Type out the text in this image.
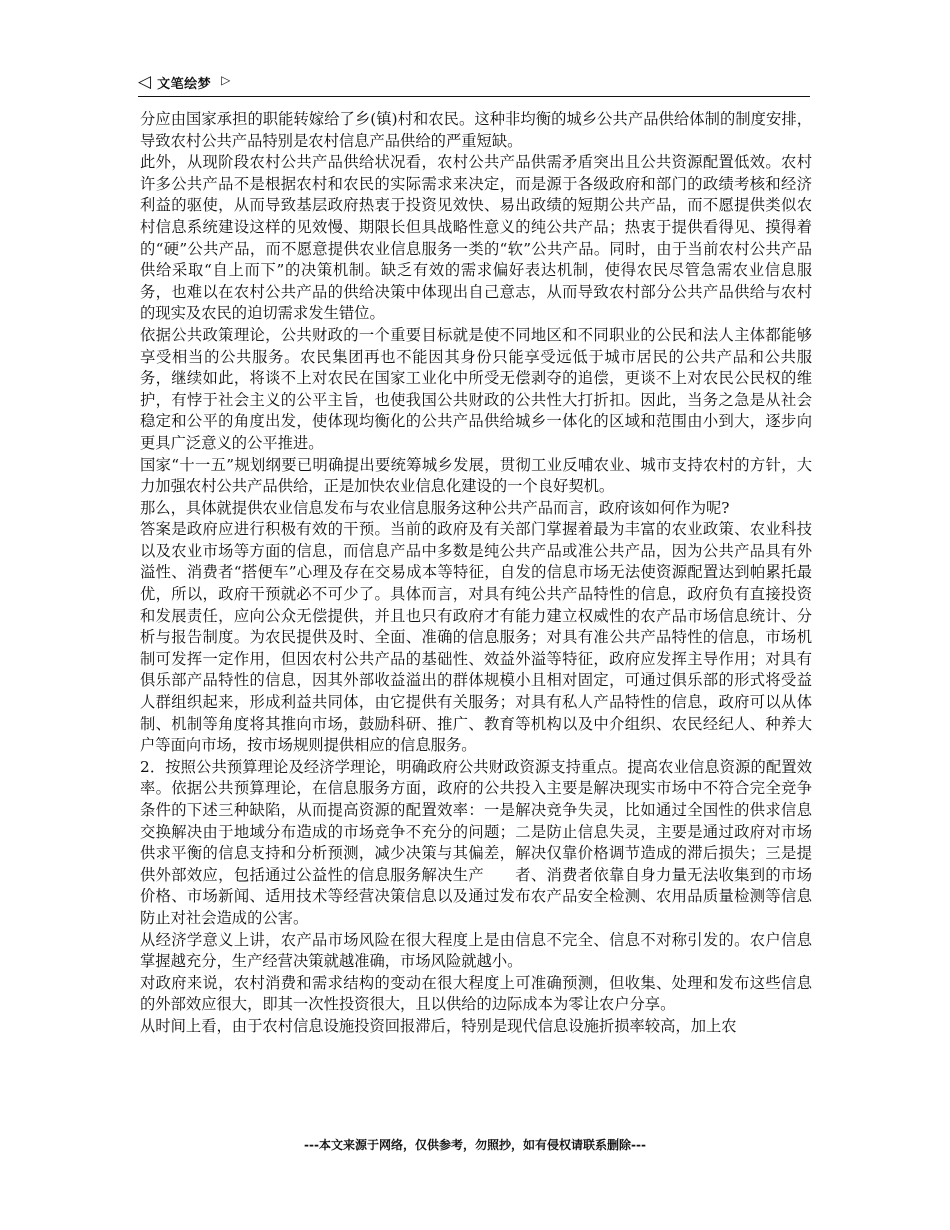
◁ 文笔绘梦 ▷

分应由国家承担的职能转嫁给了乡(镇)村和农民。这种非均衡的城乡公共产品供给体制的制度安排，导致农村公共产品特别是农村信息产品供给的严重短缺。

此外，从现阶段农村公共产品供给状况看，农村公共产品供需矛盾突出且公共资源配置低效。农村许多公共产品不是根据农村和农民的实际需求来决定，而是源于各级政府和部门的政绩考核和经济利益的驱使，从而导致基层政府热衷于投资见效快、易出政绩的短期公共产品，而不愿提供类似农村信息系统建设这样的见效慢、期限长但具战略性意义的纯公共产品；热衷于提供看得见、摸得着的“硬”公共产品，而不愿意提供农业信息服务一类的“软”公共产品。同时，由于当前农村公共产品供给采取“自上而下”的决策机制。缺乏有效的需求偏好表达机制，使得农民尽管急需农业信息服务，也难以在农村公共产品的供给决策中体现出自己意志，从而导致农村部分公共产品供给与农村的现实及农民的迫切需求发生错位。

依据公共政策理论，公共财政的一个重要目标就是使不同地区和不同职业的公民和法人主体都能够享受相当的公共服务。农民集团再也不能因其身份只能享受远低于城市居民的公共产品和公共服务，继续如此，将谈不上对农民在国家工业化中所受无偿剥夺的追偿，更谈不上对农民公民权的维护，有悖于社会主义的公平主旨，也使我国公共财政的公共性大打折扣。因此，当务之急是从社会稳定和公平的角度出发，使体现均衡化的公共产品供给城乡一体化的区域和范围由小到大，逐步向更具广泛意义的公平推进。

国家“十一五”规划纲要已明确提出要统筹城乡发展，贯彻工业反哺农业、城市支持农村的方针，大力加强农村公共产品供给，正是加快农业信息化建设的一个良好契机。

那么，具体就提供农业信息发布与农业信息服务这种公共产品而言，政府该如何作为呢?

答案是政府应进行积极有效的干预。当前的政府及有关部门掌握着最为丰富的农业政策、农业科技以及农业市场等方面的信息，而信息产品中多数是纯公共产品或准公共产品，因为公共产品具有外溢性、消费者“搭便车”心理及存在交易成本等特征，自发的信息市场无法使资源配置达到帕累托最优，所以，政府干预就必不可少了。具体而言，对具有纯公共产品特性的信息，政府负有直接投资和发展责任，应向公众无偿提供，并且也只有政府才有能力建立权威性的农产品市场信息统计、分析与报告制度。为农民提供及时、全面、准确的信息服务；对具有准公共产品特性的信息，市场机制可发挥一定作用，但因农村公共产品的基础性、效益外溢等特征，政府应发挥主导作用；对具有俱乐部产品特性的信息，因其外部收益溢出的群体规模小且相对固定，可通过俱乐部的形式将受益人群组织起来，形成利益共同体，由它提供有关服务；对具有私人产品特性的信息，政府可以从体制、机制等角度将其推向市场，鼓励科研、推广、教育等机构以及中介组织、农民经纪人、种养大户等面向市场，按市场规则提供相应的信息服务。

2．按照公共预算理论及经济学理论，明确政府公共财政资源支持重点。提高农业信息资源的配置效率。依据公共预算理论，在信息服务方面，政府的公共投入主要是解决现实市场中不符合完全竞争条件的下述三种缺陷，从而提高资源的配置效率：一是解决竞争失灵，比如通过全国性的供求信息交换解决由于地域分布造成的市场竞争不充分的问题；二是防止信息失灵，主要是通过政府对市场供求平衡的信息支持和分析预测，减少决策与其偏差，解决仅靠价格调节造成的滞后损失；三是提供外部效应，包括通过公益性的信息服务解决生产　　者、消费者依靠自身力量无法收集到的市场价格、市场新闻、适用技术等经营决策信息以及通过发布农产品安全检测、农用品质量检测等信息防止对社会造成的公害。

从经济学意义上讲，农产品市场风险在很大程度上是由信息不完全、信息不对称引发的。农户信息掌握越充分，生产经营决策就越准确，市场风险就越小。

对政府来说，农村消费和需求结构的变动在很大程度上可准确预测，但收集、处理和发布这些信息的外部效应很大，即其一次性投资很大，且以供给的边际成本为零让农户分享。

从时间上看，由于农村信息设施投资回报滞后，特别是现代信息设施折损率较高，加上农

---本文来源于网络，仅供参考，勿照抄，如有侵权请联系删除---
